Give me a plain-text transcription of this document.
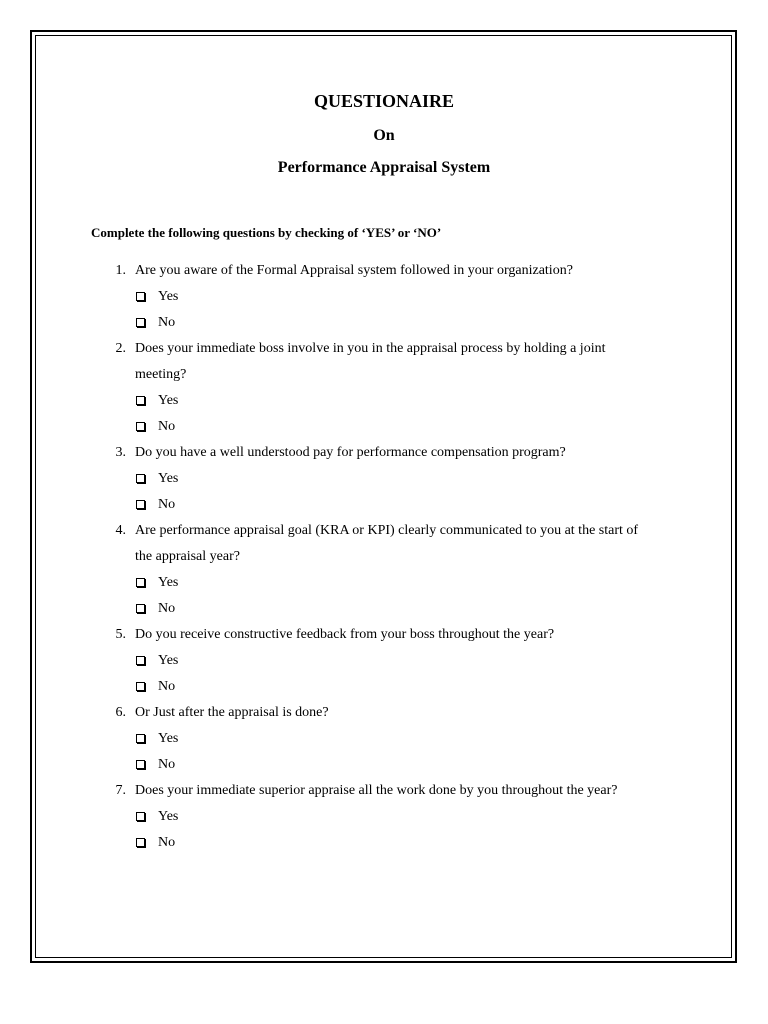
QUESTIONAIRE
On
Performance Appraisal System

Complete the following questions by checking of ‘YES’ or ‘NO’

1. Are you aware of the Formal Appraisal system followed in your organization?
Yes
No
2. Does your immediate boss involve in you in the appraisal process by holding a joint
meeting?
Yes
No
3. Do you have a well understood pay for performance compensation program?
Yes
No
4. Are performance appraisal goal (KRA or KPI) clearly communicated to you at the start of
the appraisal year?
Yes
No
5. Do you receive constructive feedback from your boss throughout the year?
Yes
No
6. Or Just after the appraisal is done?
Yes
No
7. Does your immediate superior appraise all the work done by you throughout the year?
Yes
No
